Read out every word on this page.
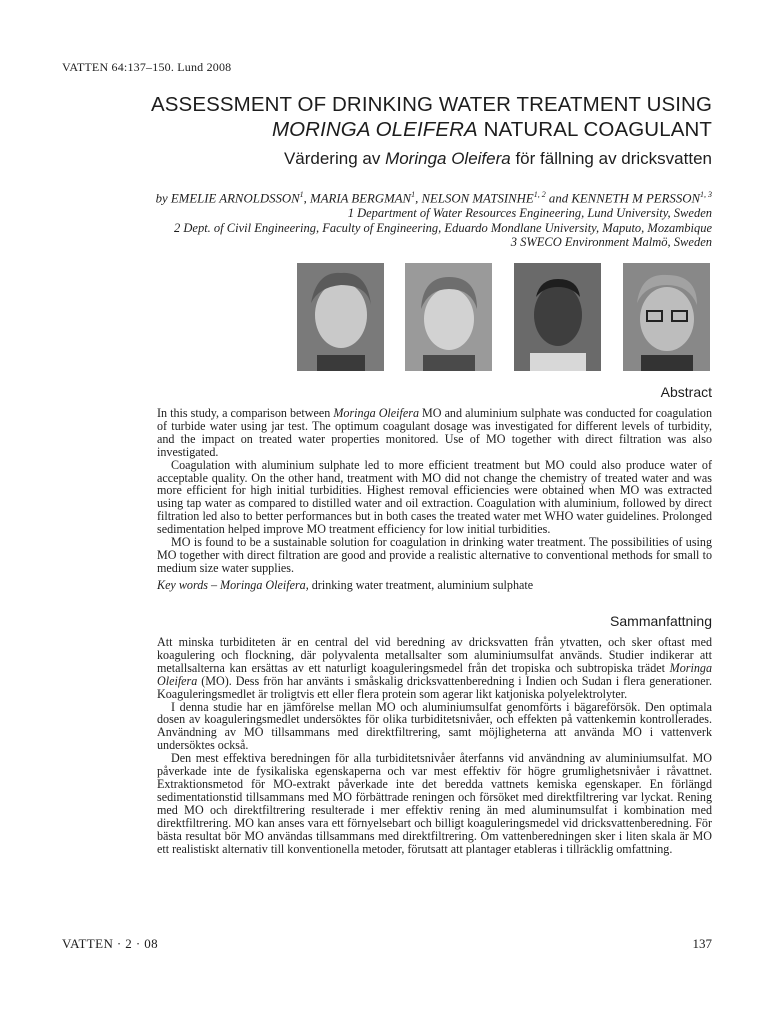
VATTEN 64:137–150. Lund 2008
ASSESSMENT OF DRINKING WATER TREATMENT USING
MORINGA OLEIFERA NATURAL COAGULANT
Värdering av Moringa Oleifera för fällning av dricksvatten
by EMELIE ARNOLDSSON$^1$, MARIA BERGMAN$^1$, NELSON MATSINHE$^{1, 2}$ and KENNETH M PERSSON$^{1, 3}$
1 Department of Water Resources Engineering, Lund University, Sweden
2 Dept. of Civil Engineering, Faculty of Engineering, Eduardo Mondlane University, Maputo, Mozambique
3 SWECO Environment Malmö, Sweden
Abstract

In this study, a comparison between Moringa Oleifera MO and aluminium sulphate was conducted for coagulation of turbide water using jar test. The optimum coagulant dosage was investigated for different levels of turbidity, and the impact on treated water properties monitored. Use of MO together with direct filtration was also investigated.

Coagulation with aluminium sulphate led to more efficient treatment but MO could also produce water of acceptable quality. On the other hand, treatment with MO did not change the chemistry of treated water and was more efficient for high initial turbidities. Highest removal efficiencies were obtained when MO was extracted using tap water as compared to distilled water and oil extraction. Coagulation with aluminium, followed by direct filtration led also to better performances but in both cases the treated water met WHO water guidelines. Prolonged sedimentation helped improve MO treatment efficiency for low initial turbidities.

MO is found to be a sustainable solution for coagulation in drinking water treatment. The possibilities of using MO together with direct filtration are good and provide a realistic alternative to conventional methods for small to medium size water supplies.

Key words – Moringa Oleifera, drinking water treatment, aluminium sulphate

Sammanfattning

Att minska turbiditeten är en central del vid beredning av dricksvatten från ytvatten, och sker oftast med koagulering och flockning, där polyvalenta metallsalter som aluminiumsulfat används. Studier indikerar att metallsalterna kan ersättas av ett naturligt koaguleringsmedel från det tropiska och subtropiska trädet Moringa Oleifera (MO). Dess frön har använts i småskalig dricksvattenberedning i Indien och Sudan i flera generationer. Koaguleringsmedlet är troligtvis ett eller flera protein som agerar likt katjoniska polyelektrolyter.

I denna studie har en jämförelse mellan MO och aluminiumsulfat genomförts i bägareförsök. Den optimala dosen av koaguleringsmedlet undersöktes för olika turbiditetsnivåer, och effekten på vattenkemin kontrollerades. Användning av MO tillsammans med direktfiltrering, samt möjligheterna att använda MO i vattenverk undersöktes också.

Den mest effektiva beredningen för alla turbiditetsnivåer återfanns vid användning av aluminiumsulfat. MO påverkade inte de fysikaliska egenskaperna och var mest effektiv för högre grumlighetsnivåer i råvattnet. Extraktionsmetod för MO-extrakt påverkade inte det beredda vattnets kemiska egenskaper. En förlängd sedimentationstid tillsammans med MO förbättrade reningen och försöket med direktfiltrering var lyckat. Rening med MO och direktfiltrering resulterade i mer effektiv rening än med aluminumsulfat i kombination med direktfiltrering. MO kan anses vara ett förnyelsebart och billigt koaguleringsmedel vid dricksvattenberedning. För bästa resultat bör MO användas tillsammans med direktfiltrering. Om vattenberedningen sker i liten skala är MO ett realistiskt alternativ till konventionella metoder, förutsatt att plantager etableras i tillräcklig omfattning.

VATTEN · 2 · 08	137
